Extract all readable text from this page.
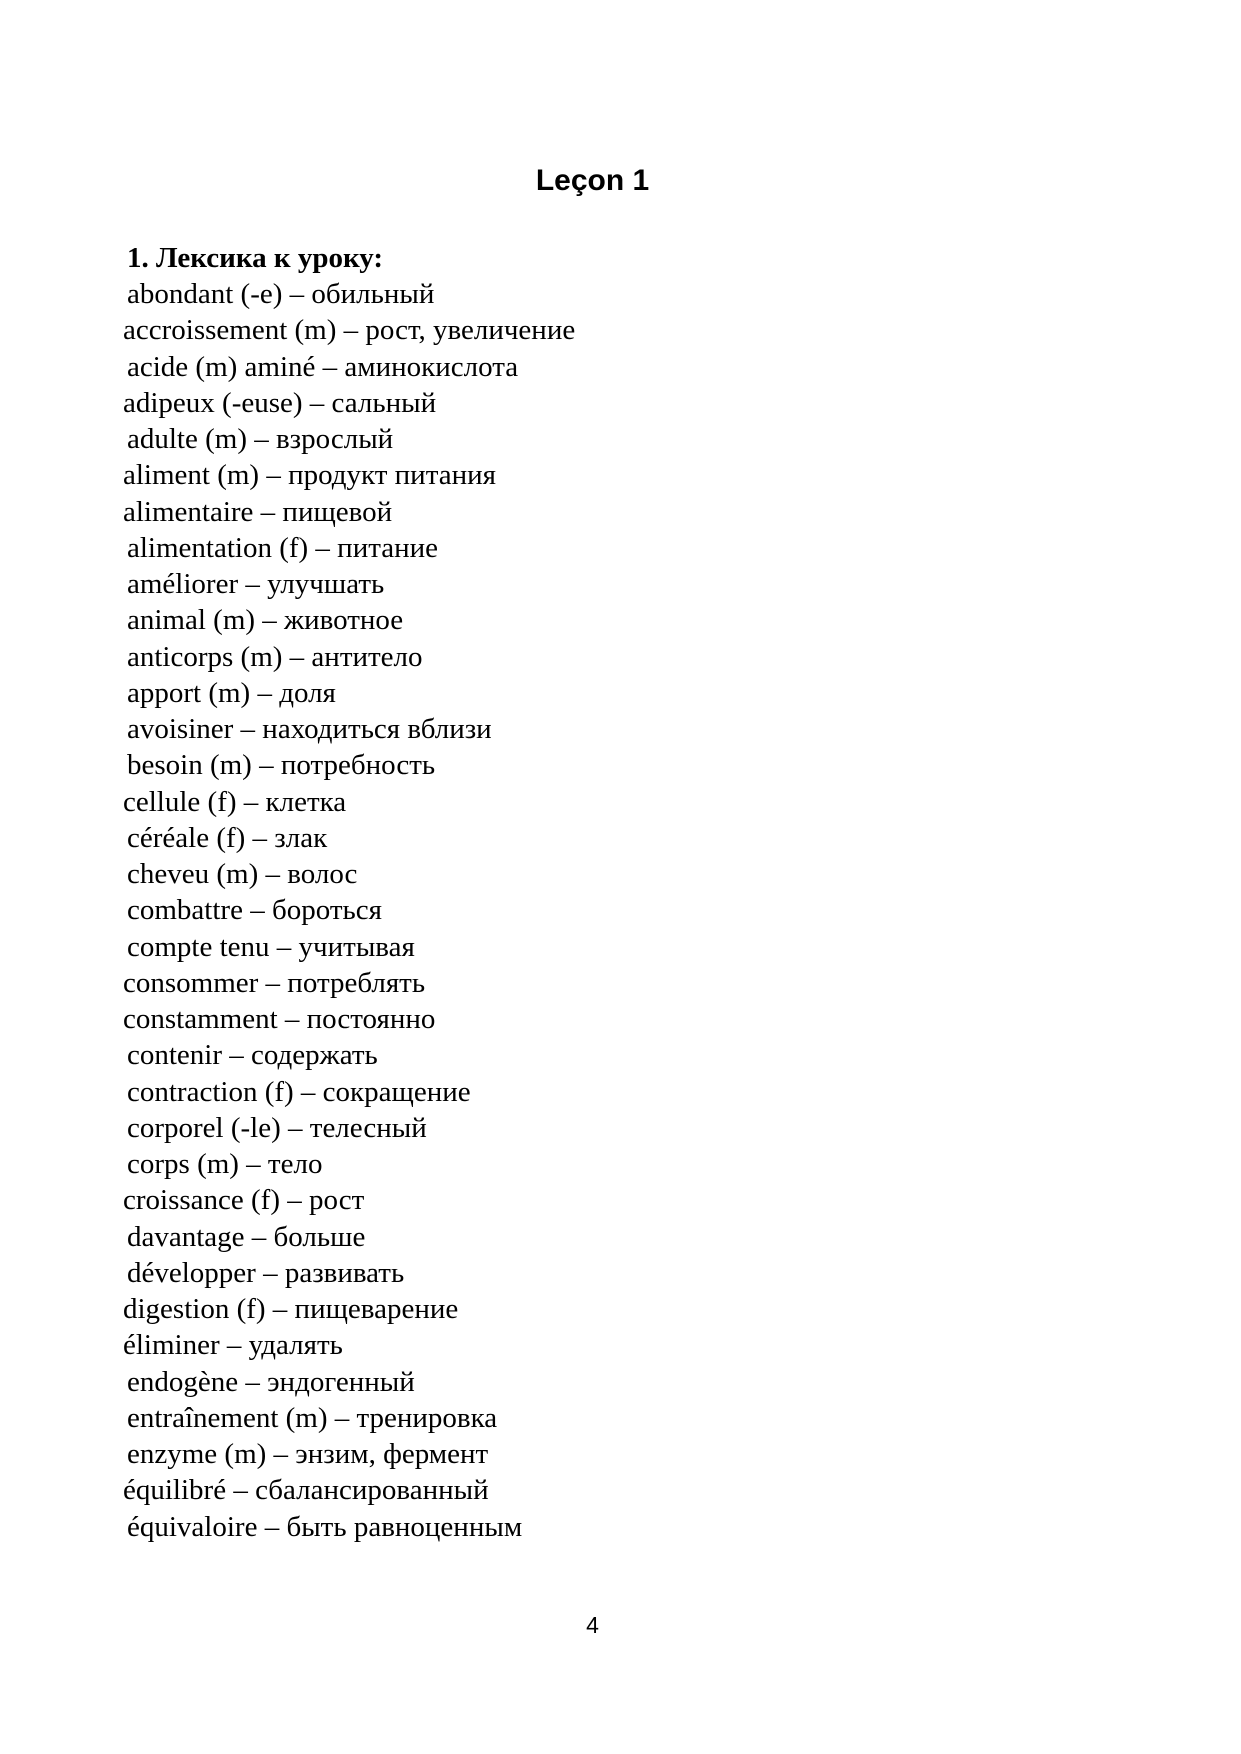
Leçon 1
1. Лексика к уроку:
abondant (-e) – обильный
accroissement (m) – рост, увеличение
acide (m) aminé – аминокислота
adipeux (-euse) – сальный
adulte (m) – взрослый
aliment (m) – продукт питания
alimentaire – пищевой
alimentation (f) – питание
améliorer – улучшать
animal (m) – животное
anticorps (m) – антитело
apport (m) – доля
avoisiner – находиться вблизи
besoin (m) – потребность
cellule (f) – клетка
céréale (f) – злак
cheveu (m) – волос
combattre – бороться
compte tenu – учитывая
consommer – потреблять
constamment – постоянно
contenir – содержать
contraction (f) – сокращение
corporel (-le) – телесный
corps (m) – тело
croissance (f) – рост
davantage – больше
développer – развивать
digestion (f) – пищеварение
éliminer – удалять
endogène – эндогенный
entraînement (m) – тренировка
enzyme (m) – энзим, фермент
équilibré – сбалансированный
équivaloire – быть равноценным
4
